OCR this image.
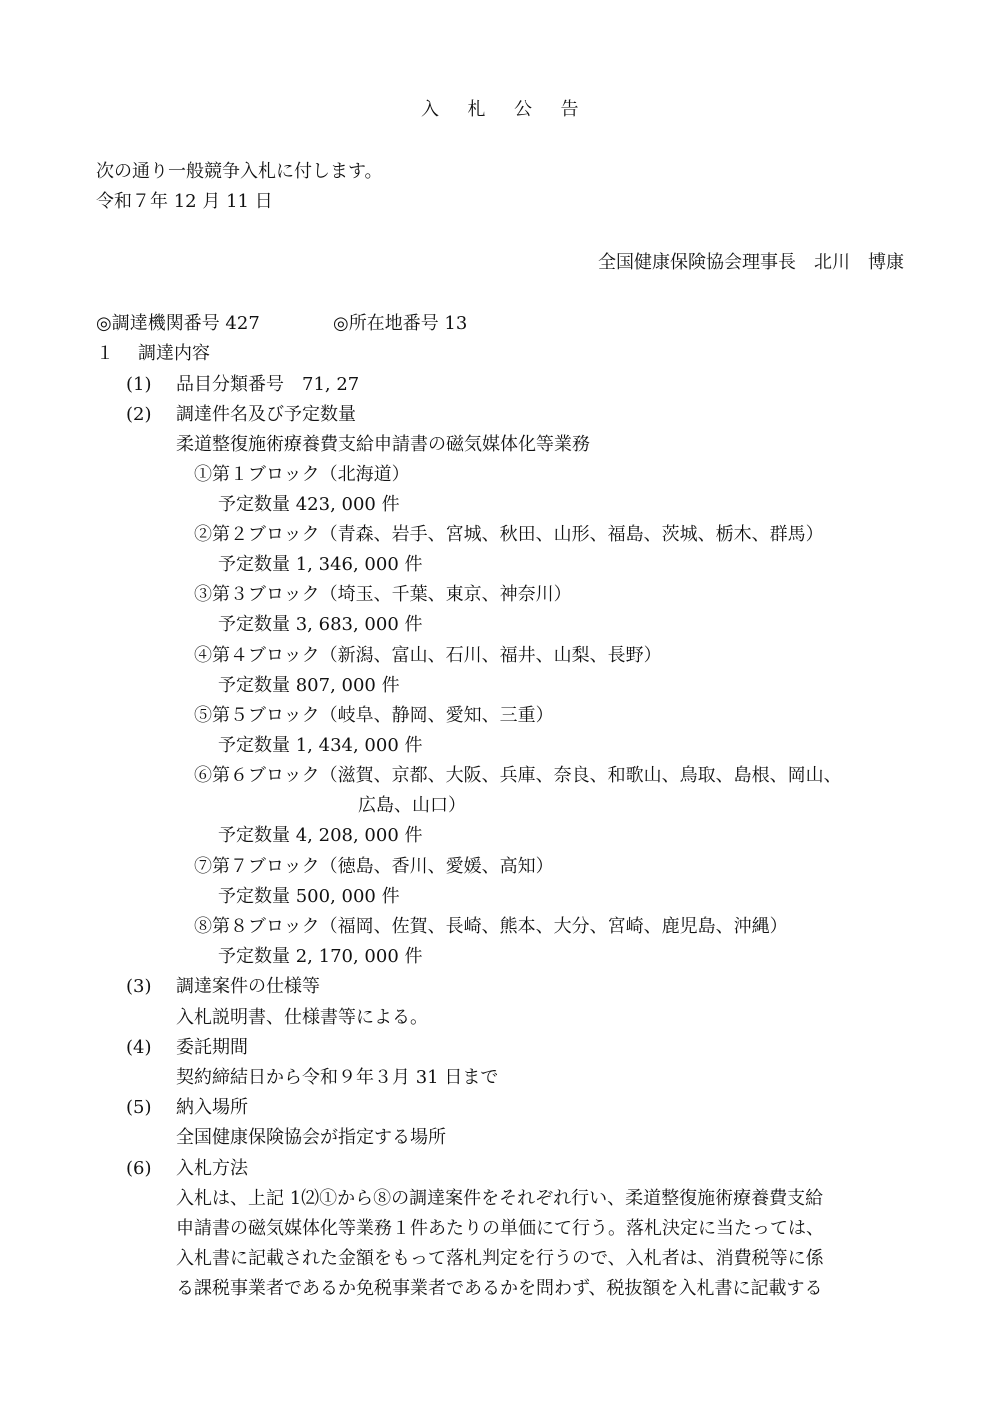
入 札 公 告
次の通り一般競争入札に付します。
令和７年 12 月 11 日
全国健康保険協会理事長　北川　博康
◎調達機関番号 427	◎所在地番号 13
１ 調達内容
(1) 品目分類番号　71, 27
(2) 調達件名及び予定数量
柔道整復施術療養費支給申請書の磁気媒体化等業務
①第１ブロック（北海道）
予定数量 423, 000 件
②第２ブロック（青森、岩手、宮城、秋田、山形、福島、茨城、栃木、群馬）
予定数量 1, 346, 000 件
③第３ブロック（埼玉、千葉、東京、神奈川）
予定数量 3, 683, 000 件
④第４ブロック（新潟、富山、石川、福井、山梨、長野）
予定数量 807, 000 件
⑤第５ブロック（岐阜、静岡、愛知、三重）
予定数量 1, 434, 000 件
⑥第６ブロック（滋賀、京都、大阪、兵庫、奈良、和歌山、鳥取、島根、岡山、
広島、山口）
予定数量 4, 208, 000 件
⑦第７ブロック（徳島、香川、愛媛、高知）
予定数量 500, 000 件
⑧第８ブロック（福岡、佐賀、長崎、熊本、大分、宮崎、鹿児島、沖縄）
予定数量 2, 170, 000 件
(3) 調達案件の仕様等
入札説明書、仕様書等による。
(4) 委託期間
契約締結日から令和９年３月 31 日まで
(5) 納入場所
全国健康保険協会が指定する場所
(6) 入札方法
入札は、上記 1⑵①から⑧の調達案件をそれぞれ行い、柔道整復施術療養費支給
申請書の磁気媒体化等業務１件あたりの単価にて行う。落札決定に当たっては、
入札書に記載された金額をもって落札判定を行うので、入札者は、消費税等に係
る課税事業者であるか免税事業者であるかを問わず、税抜額を入札書に記載する
